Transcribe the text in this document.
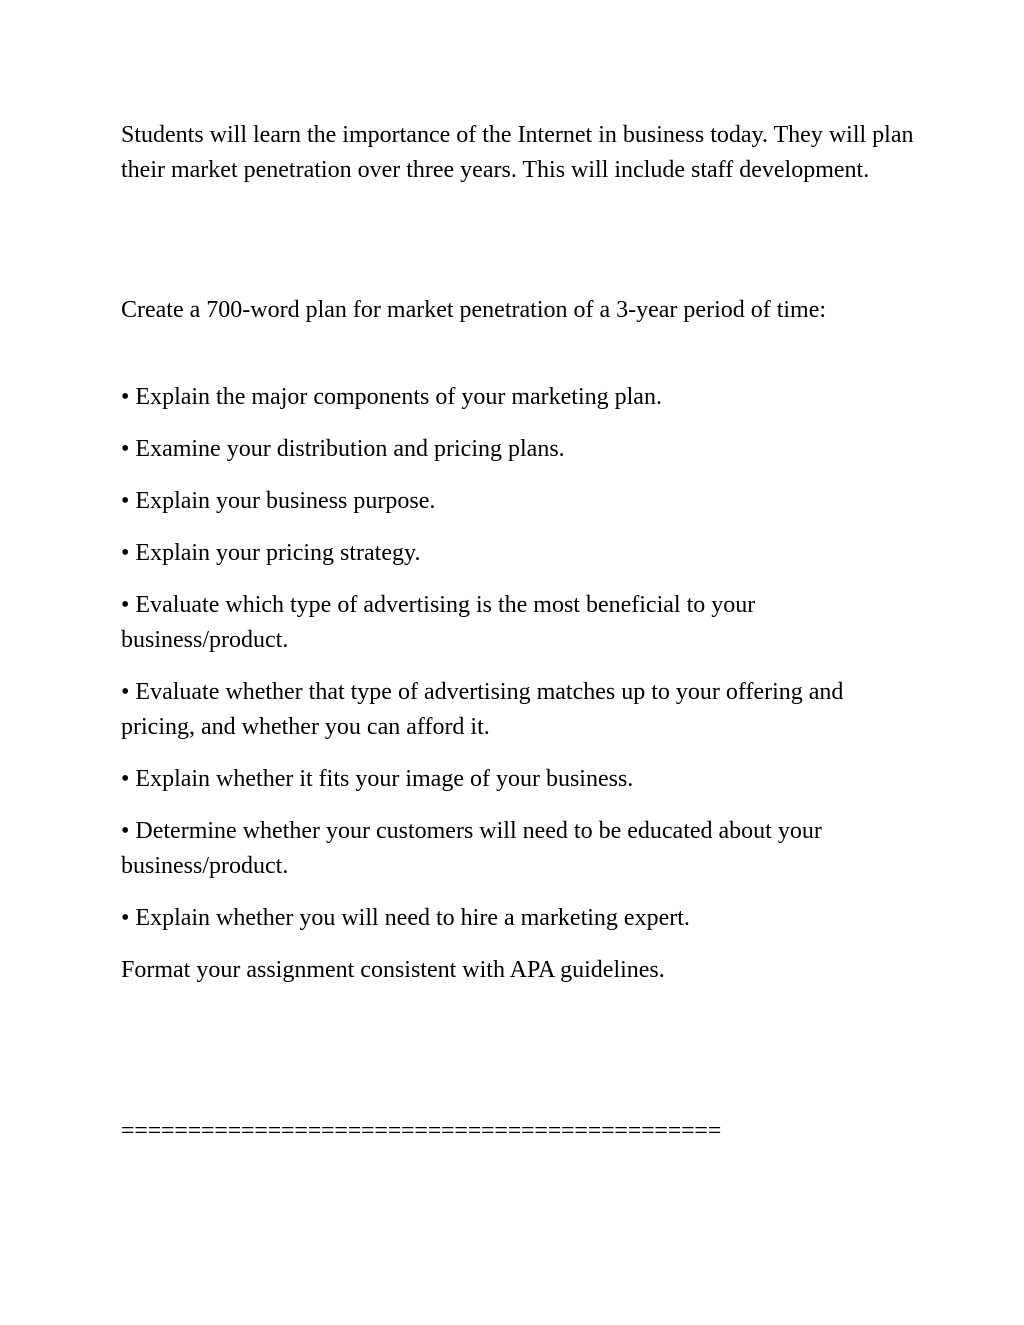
Students will learn the importance of the Internet in business today. They will plan their market penetration over three years. This will include staff development.

Create a 700-word plan for market penetration of a 3-year period of time:

• Explain the major components of your marketing plan.
• Examine your distribution and pricing plans.
• Explain your business purpose.
• Explain your pricing strategy.
• Evaluate which type of advertising is the most beneficial to your business/product.
• Evaluate whether that type of advertising matches up to your offering and pricing, and whether you can afford it.
• Explain whether it fits your image of your business.
• Determine whether your customers will need to be educated about your business/product.
• Explain whether you will need to hire a marketing expert.
Format your assignment consistent with APA guidelines.

=============================================
